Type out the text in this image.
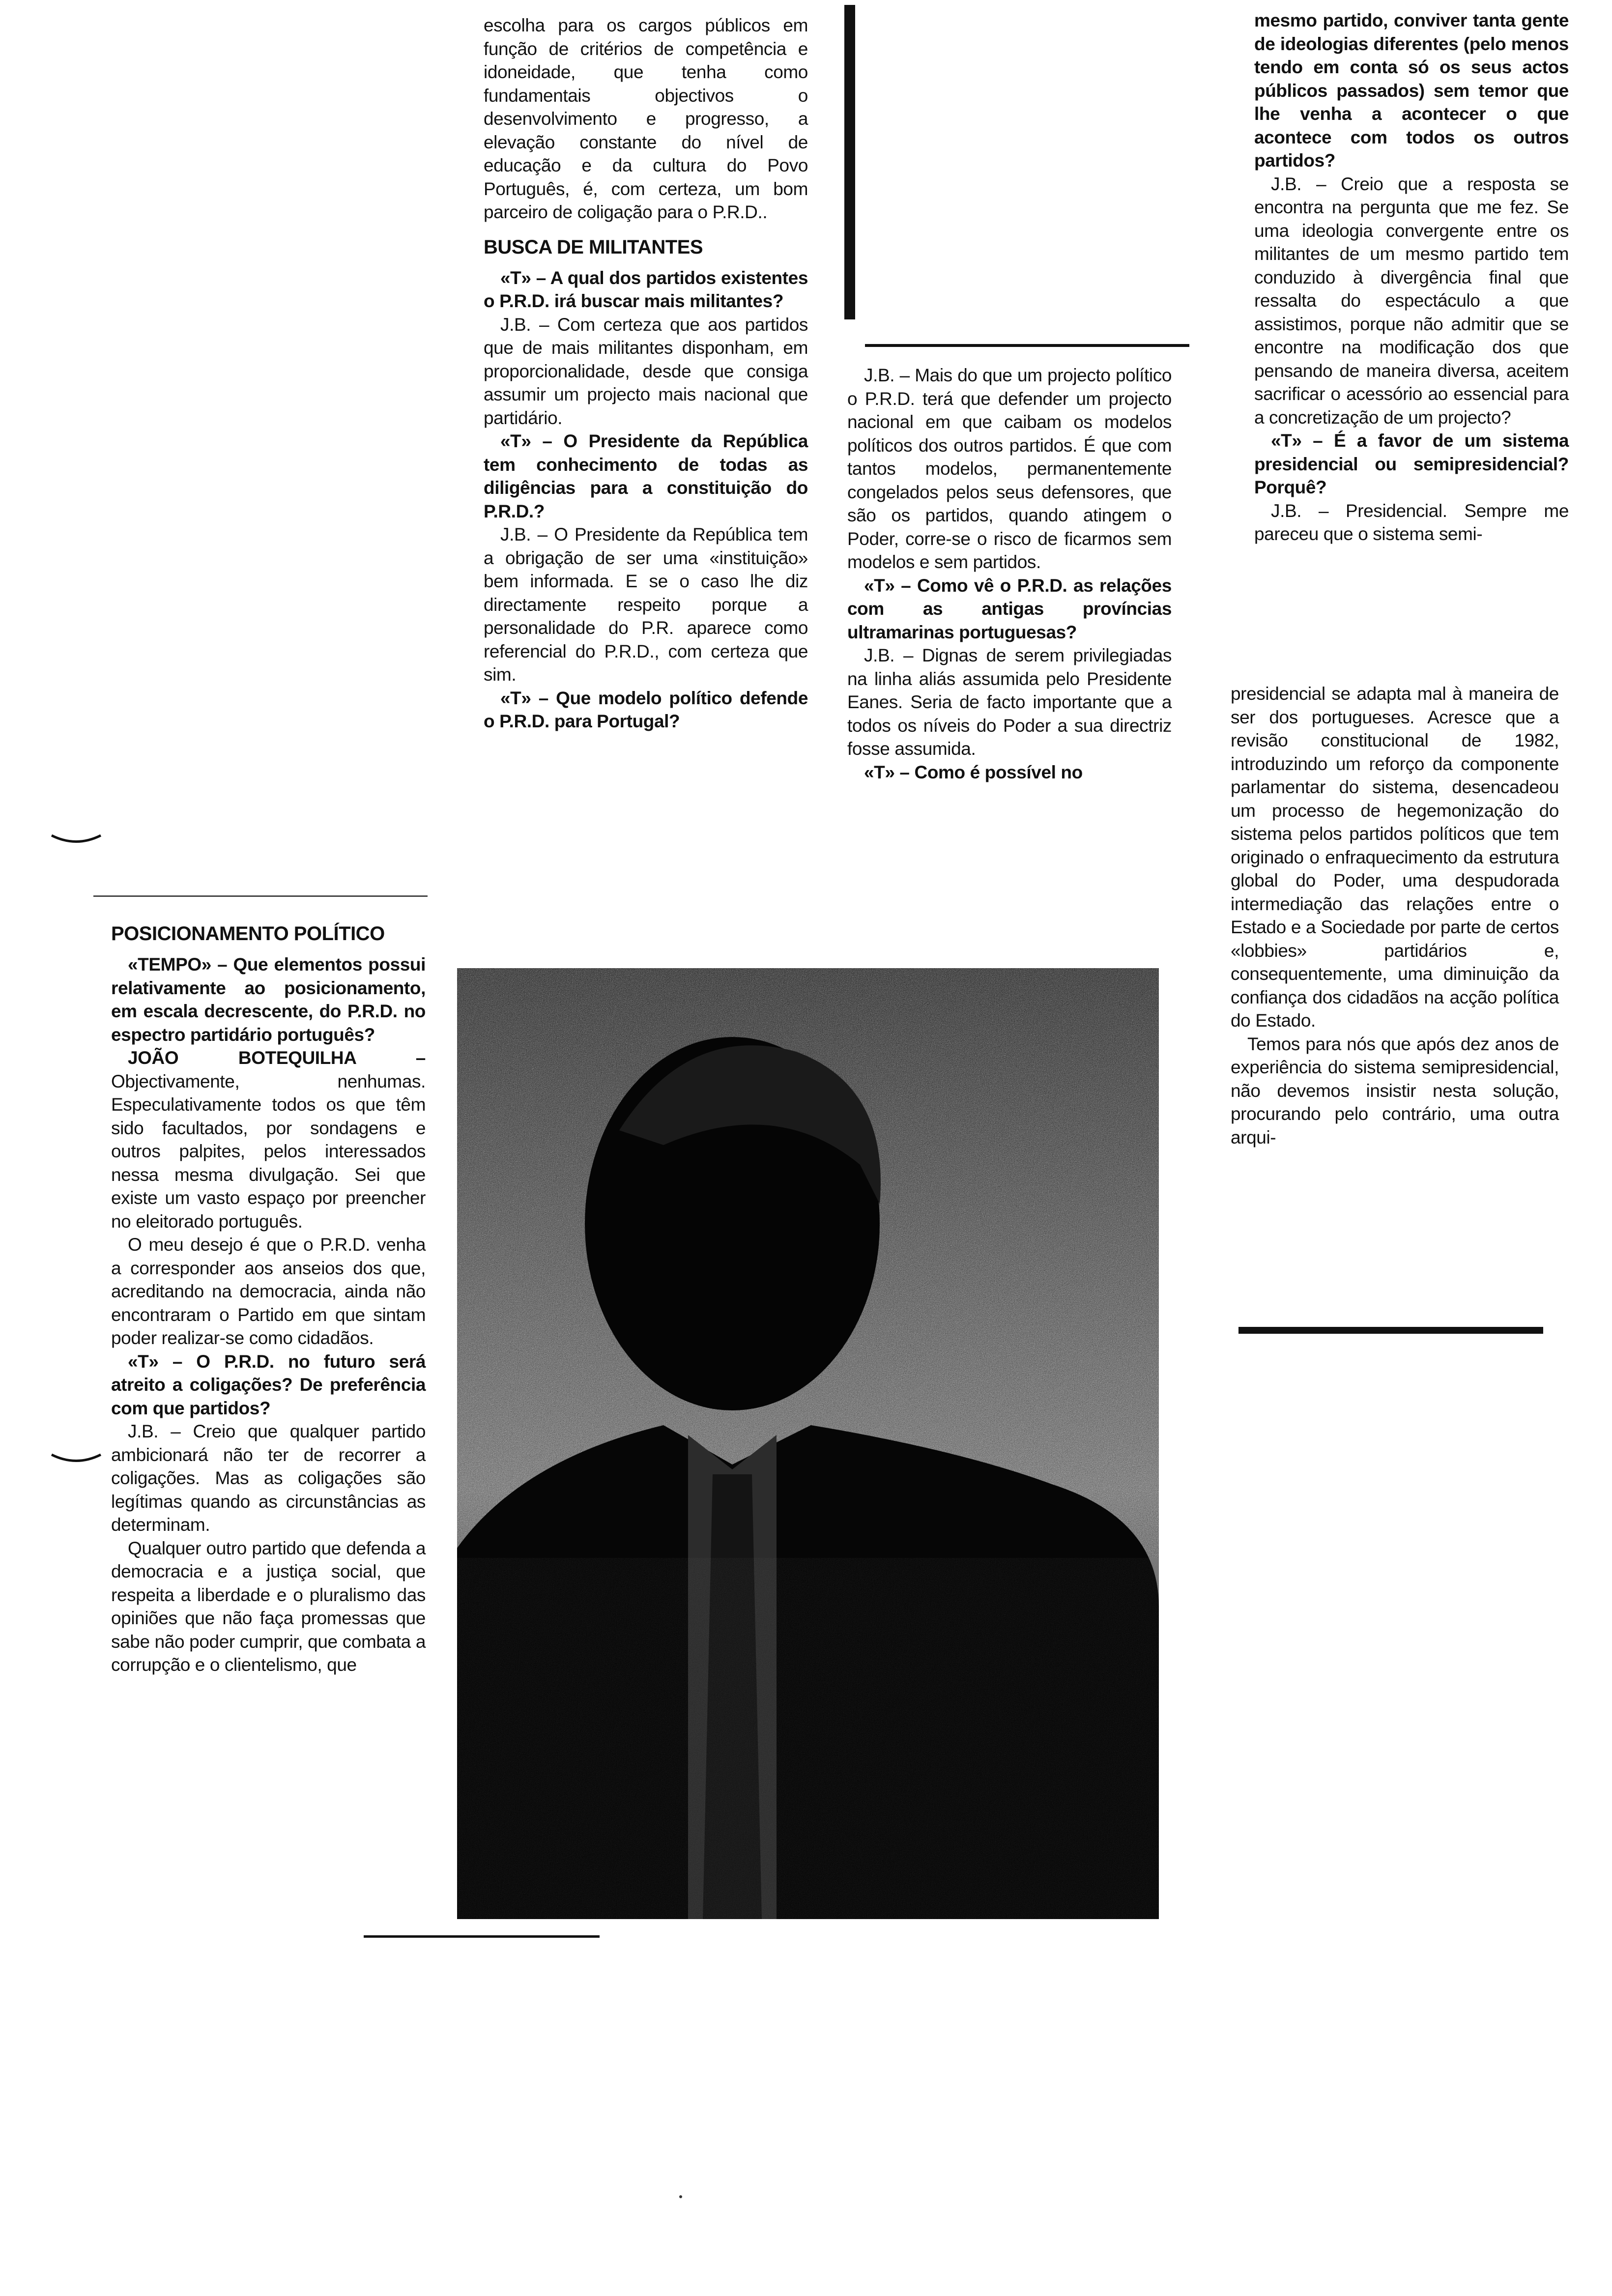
POSICIONAMENTO POLÍTICO

«TEMPO» – Que elementos possui relativamente ao posicionamento, em escala decrescente, do P.R.D. no espectro partidário português?

JOÃO BOTEQUILHA – Objectivamente, nenhumas. Especulativamente todos os que têm sido facultados, por sondagens e outros palpites, pelos interessados nessa mesma divulgação. Sei que existe um vasto espaço por preencher no eleitorado português.

O meu desejo é que o P.R.D. venha a corresponder aos anseios dos que, acreditando na democracia, ainda não encontraram o Partido em que sintam poder realizar-se como cidadãos.

«T» – O P.R.D. no futuro será atreito a coligações? De preferência com que partidos?

J.B. – Creio que qualquer partido ambicionará não ter de recorrer a coligações. Mas as coligações são legítimas quando as circunstâncias as determinam.

Qualquer outro partido que defenda a democracia e a justiça social, que respeita a liberdade e o pluralismo das opiniões que não faça promessas que sabe não poder cumprir, que combata a corrupção e o clientelismo, que

escolha para os cargos públicos em função de critérios de competência e idoneidade, que tenha como fundamentais objectivos o desenvolvimento e progresso, a elevação constante do nível de educação e da cultura do Povo Português, é, com certeza, um bom parceiro de coligação para o P.R.D..

BUSCA DE MILITANTES

«T» – A qual dos partidos existentes o P.R.D. irá buscar mais militantes?

J.B. – Com certeza que aos partidos que de mais militantes disponham, em proporcionalidade, desde que consiga assumir um projecto mais nacional que partidário.

«T» – O Presidente da República tem conhecimento de todas as diligências para a constituição do P.R.D.?

J.B. – O Presidente da República tem a obrigação de ser uma «instituição» bem informada. E se o caso lhe diz directamente respeito porque a personalidade do P.R. aparece como referencial do P.R.D., com certeza que sim.

«T» – Que modelo político defende o P.R.D. para Portugal?

J.B. – Mais do que um projecto político o P.R.D. terá que defender um projecto nacional em que caibam os modelos políticos dos outros partidos. É que com tantos modelos, permanentemente congelados pelos seus defensores, que são os partidos, quando atingem o Poder, corre-se o risco de ficarmos sem modelos e sem partidos.

«T» – Como vê o P.R.D. as relações com as antigas províncias ultramarinas portuguesas?

J.B. – Dignas de serem privilegiadas na linha aliás assumida pelo Presidente Eanes. Seria de facto importante que a todos os níveis do Poder a sua directriz fosse assumida.

«T» – Como é possível no

mesmo partido, conviver tanta gente de ideologias diferentes (pelo menos tendo em conta só os seus actos públicos passados) sem temor que lhe venha a acontecer o que acontece com todos os outros partidos?

J.B. – Creio que a resposta se encontra na pergunta que me fez. Se uma ideologia convergente entre os militantes de um mesmo partido tem conduzido à divergência final que ressalta do espectáculo a que assistimos, porque não admitir que se encontre na modificação dos que pensando de maneira diversa, aceitem sacrificar o acessório ao essencial para a concretização de um projecto?

«T» – É a favor de um sistema presidencial ou semipresidencial? Porquê?

J.B. – Presidencial. Sempre me pareceu que o sistema semi-

presidencial se adapta mal à maneira de ser dos portugueses. Acresce que a revisão constitucional de 1982, introduzindo um reforço da componente parlamentar do sistema, desencadeou um processo de hegemonização do sistema pelos partidos políticos que tem originado o enfraquecimento da estrutura global do Poder, uma despudorada intermediação das relações entre o Estado e a Sociedade por parte de certos «lobbies» partidários e, consequentemente, uma diminuição da confiança dos cidadãos na acção política do Estado.

Temos para nós que após dez anos de experiência do sistema semipresidencial, não devemos insistir nesta solução, procurando pelo contrário, uma outra arqui-
